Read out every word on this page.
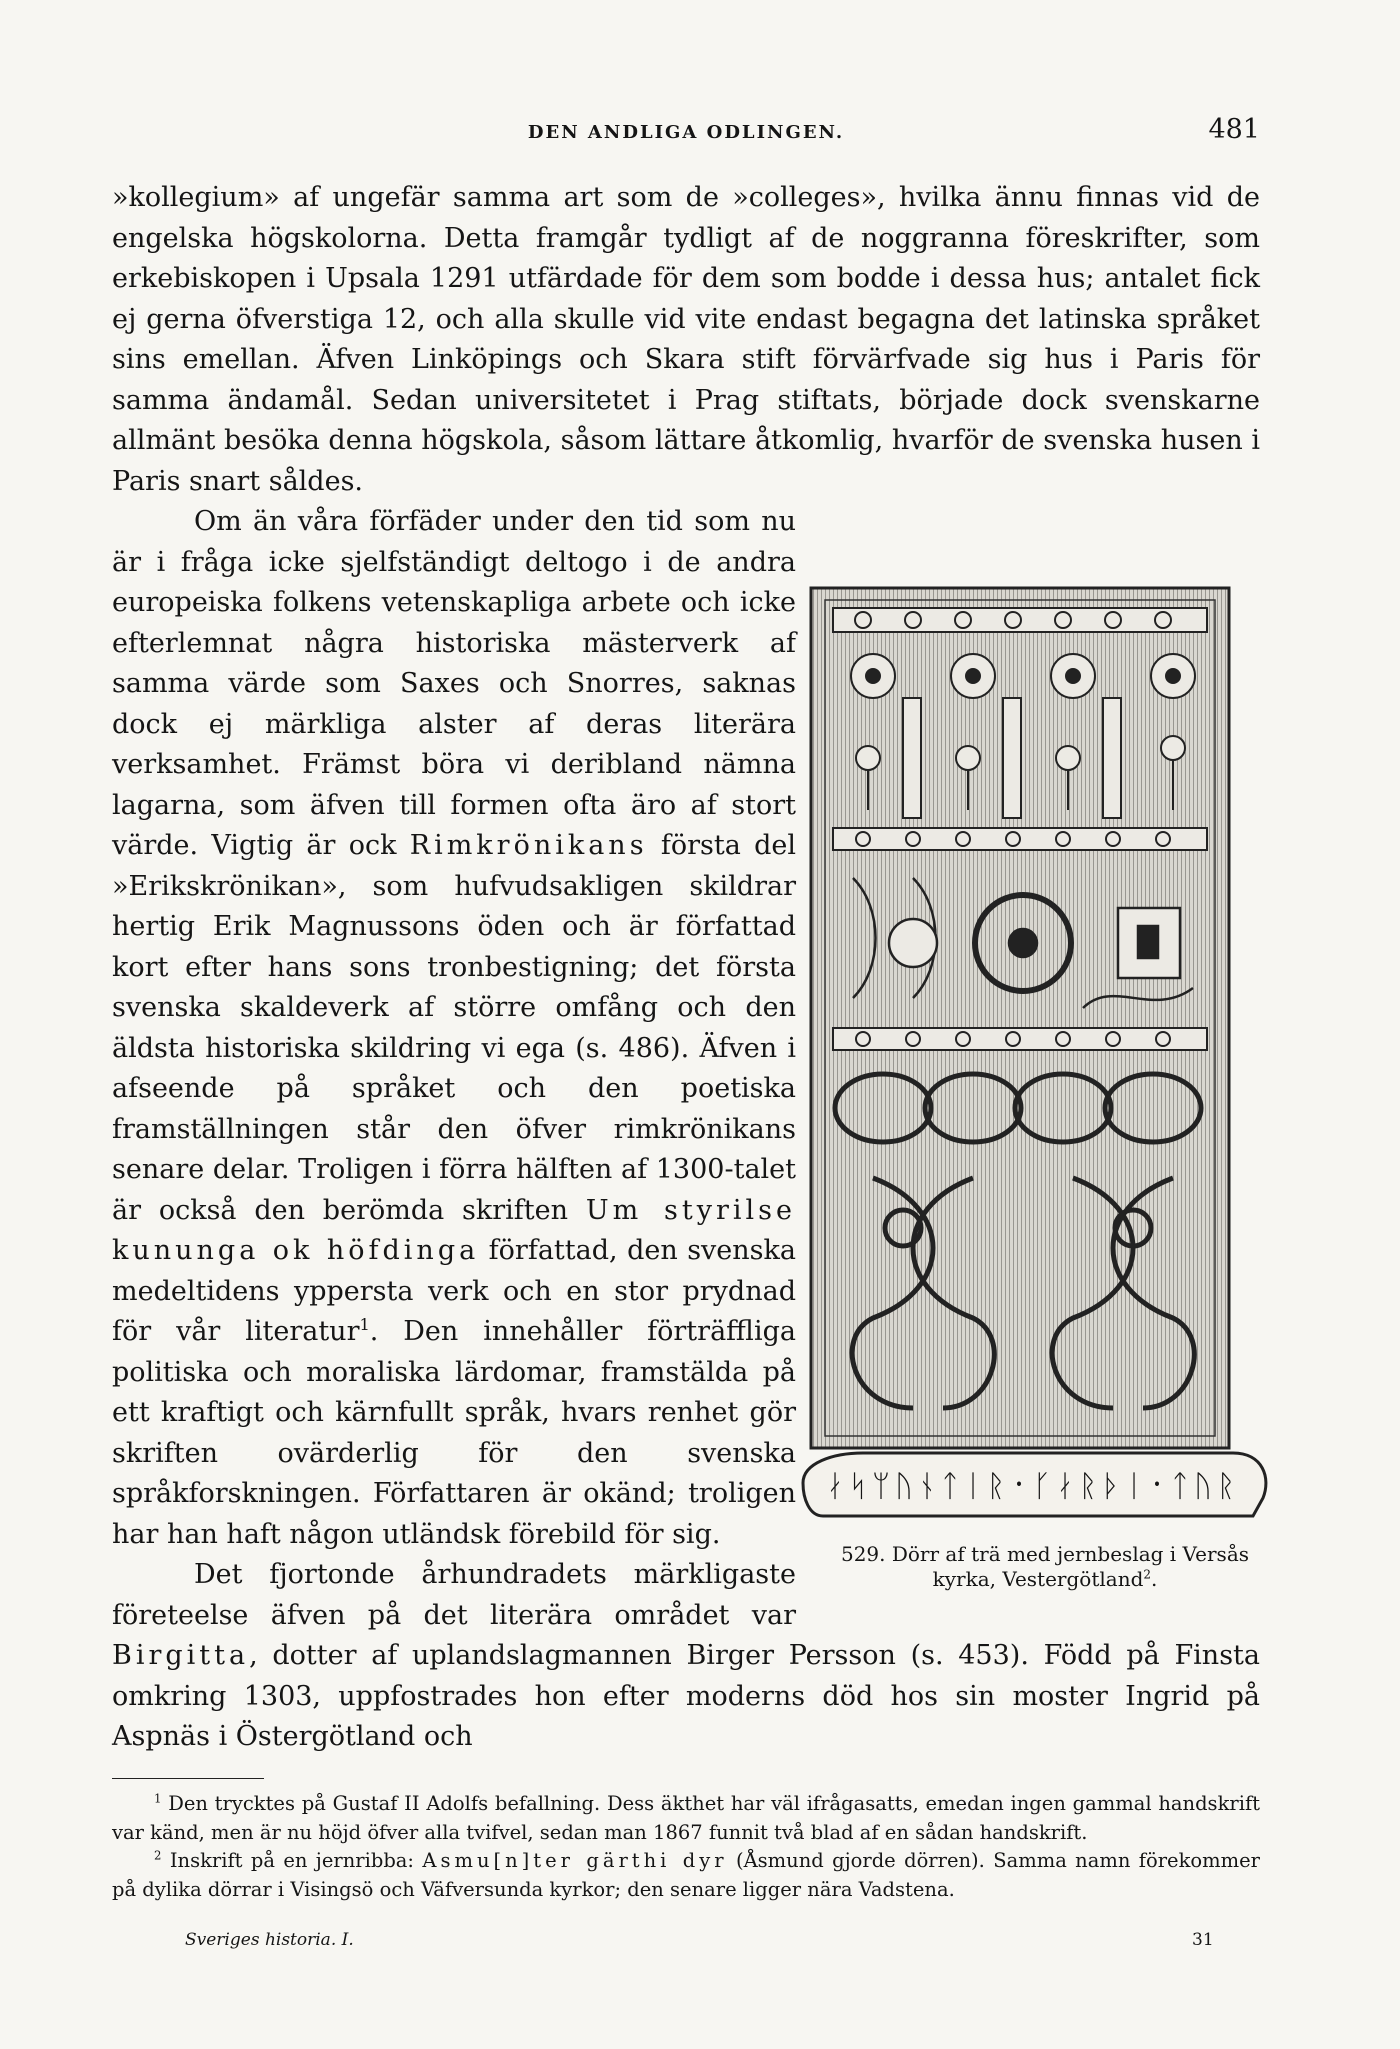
DEN ANDLIGA ODLINGEN.	481

»kollegium» af ungefär samma art som de »colleges», hvilka ännu finnas vid de engelska högskolorna. Detta framgår tydligt af de noggranna föreskrifter, som erkebiskopen i Upsala 1291 utfärdade för dem som bodde i dessa hus; antalet fick ej gerna öfverstiga 12, och alla skulle vid vite endast begagna det latinska språket sins emellan. Äfven Linköpings och Skara stift förvärfvade sig hus i Paris för samma ändamål. Sedan universitetet i Prag stiftats, började dock svenskarne allmänt besöka denna högskola, såsom lättare åtkomlig, hvarför de svenska husen i Paris snart såldes.

Om än våra förfäder under den tid som nu är i fråga icke sjelfständigt deltogo i de andra europeiska folkens vetenskapliga arbete och icke efterlemnat några historiska mästerverk af samma värde som Saxes och Snorres, saknas dock ej märkliga alster af deras literära verksamhet. Främst böra vi deribland nämna lagarna, som äfven till formen ofta äro af stort värde. Vigtig är ock Rimkrönikans första del »Erikskrönikan», som hufvudsakligen skildrar hertig Erik Magnussons öden och är författad kort efter hans sons tronbestigning; det första svenska skaldeverk af större omfång och den äldsta historiska skildring vi ega (s. 486). Äfven i afseende på språket och den poetiska framställningen står den öfver rimkrönikans senare delar. Troligen i förra hälften af 1300-talet är också den berömda skriften Um styrilse kununga ok höfdinga författad, den svenska medeltidens yppersta verk och en stor prydnad för vår literatur$^1$. Den innehåller förträffliga politiska och moraliska lärdomar, framstälda på ett kraftigt och kärnfullt språk, hvars renhet gör skriften ovärderlig för den svenska språkforskningen. Författaren är okänd; troligen har han haft någon utländsk förebild för sig.

Det fjortonde århundradets märkligaste företeelse äfven på det literära området var Birgitta, dotter af uplandslagmannen Birger Persson (s. 453). Född på Finsta omkring 1303, uppfostrades hon efter moderns död hos sin moster Ingrid på Aspnäs i Östergötland och

ᛅᛋᛘᚢᚾᛏᛁᚱ᛫ᚴᛅᚱᚦᛁ᛫ᛏᚢᚱ
529. Dörr af trä med jernbeslag i Versås kyrka, Vestergötland$^2$.

$^1$ Den trycktes på Gustaf II Adolfs befallning. Dess äkthet har väl ifrågasatts, emedan ingen gammal handskrift var känd, men är nu höjd öfver alla tvifvel, sedan man 1867 funnit två blad af en sådan handskrift.

$^2$ Inskrift på en jernribba: Asmu[n]ter gärthi dyr (Åsmund gjorde dörren). Samma namn förekommer på dylika dörrar i Visingsö och Väfversunda kyrkor; den senare ligger nära Vadstena.

Sveriges historia. I.	31
